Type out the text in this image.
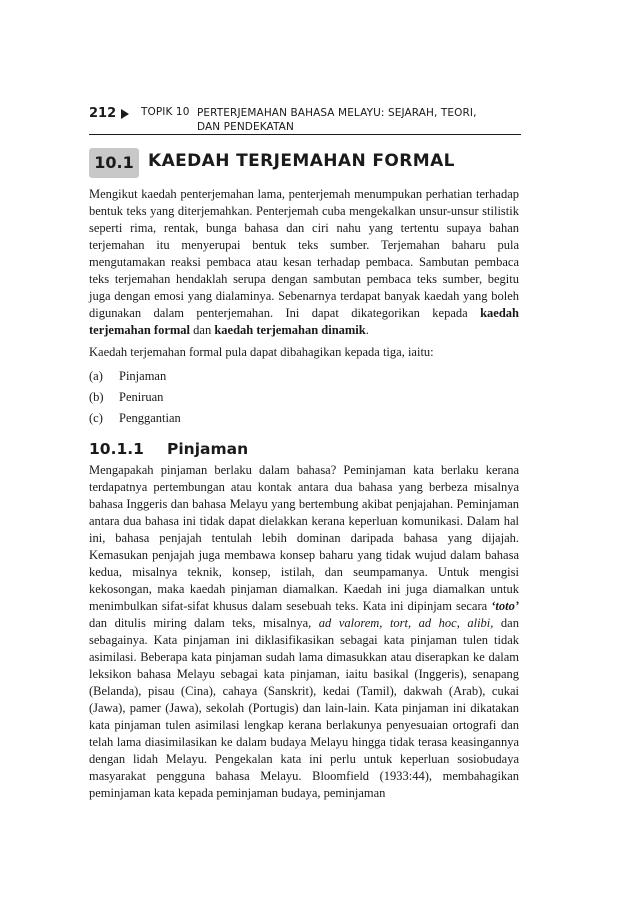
212 TOPIK 10 PERTERJEMAHAN BAHASA MELAYU: SEJARAH, TEORI, DAN PENDEKATAN
10.1 KAEDAH TERJEMAHAN FORMAL

Mengikut kaedah penterjemahan lama, penterjemah menumpukan perhatian terhadap bentuk teks yang diterjemahkan. Penterjemah cuba mengekalkan unsur-unsur stilistik seperti rima, rentak, bunga bahasa dan ciri nahu yang tertentu supaya bahan terjemahan itu menyerupai bentuk teks sumber. Terjemahan baharu pula mengutamakan reaksi pembaca atau kesan terhadap pembaca. Sambutan pembaca teks terjemahan hendaklah serupa dengan sambutan pembaca teks sumber, begitu juga dengan emosi yang dialaminya. Sebenarnya terdapat banyak kaedah yang boleh digunakan dalam penterjemahan. Ini dapat dikategorikan kepada kaedah terjemahan formal dan kaedah terjemahan dinamik.

Kaedah terjemahan formal pula dapat dibahagikan kepada tiga, iaitu:

(a) Pinjaman
(b) Peniruan
(c) Penggantian
10.1.1 Pinjaman

Mengapakah pinjaman berlaku dalam bahasa? Peminjaman kata berlaku kerana terdapatnya pertembungan atau kontak antara dua bahasa yang berbeza misalnya bahasa Inggeris dan bahasa Melayu yang bertembung akibat penjajahan. Peminjaman antara dua bahasa ini tidak dapat dielakkan kerana keperluan komunikasi. Dalam hal ini, bahasa penjajah tentulah lebih dominan daripada bahasa yang dijajah. Kemasukan penjajah juga membawa konsep baharu yang tidak wujud dalam bahasa kedua, misalnya teknik, konsep, istilah, dan seumpamanya. Untuk mengisi kekosongan, maka kaedah pinjaman diamalkan. Kaedah ini juga diamalkan untuk menimbulkan sifat-sifat khusus dalam sesebuah teks. Kata ini dipinjam secara ‘toto’ dan ditulis miring dalam teks, misalnya, ad valorem, tort, ad hoc, alibi, dan sebagainya. Kata pinjaman ini diklasifikasikan sebagai kata pinjaman tulen tidak asimilasi. Beberapa kata pinjaman sudah lama dimasukkan atau diserapkan ke dalam leksikon bahasa Melayu sebagai kata pinjaman, iaitu basikal (Inggeris), senapang (Belanda), pisau (Cina), cahaya (Sanskrit), kedai (Tamil), dakwah (Arab), cukai (Jawa), pamer (Jawa), sekolah (Portugis) dan lain-lain. Kata pinjaman ini dikatakan kata pinjaman tulen asimilasi lengkap kerana berlakunya penyesuaian ortografi dan telah lama diasimilasikan ke dalam budaya Melayu hingga tidak terasa keasingannya dengan lidah Melayu. Pengekalan kata ini perlu untuk keperluan sosiobudaya masyarakat pengguna bahasa Melayu. Bloomfield (1933:44), membahagikan peminjaman kata kepada peminjaman budaya, peminjaman
